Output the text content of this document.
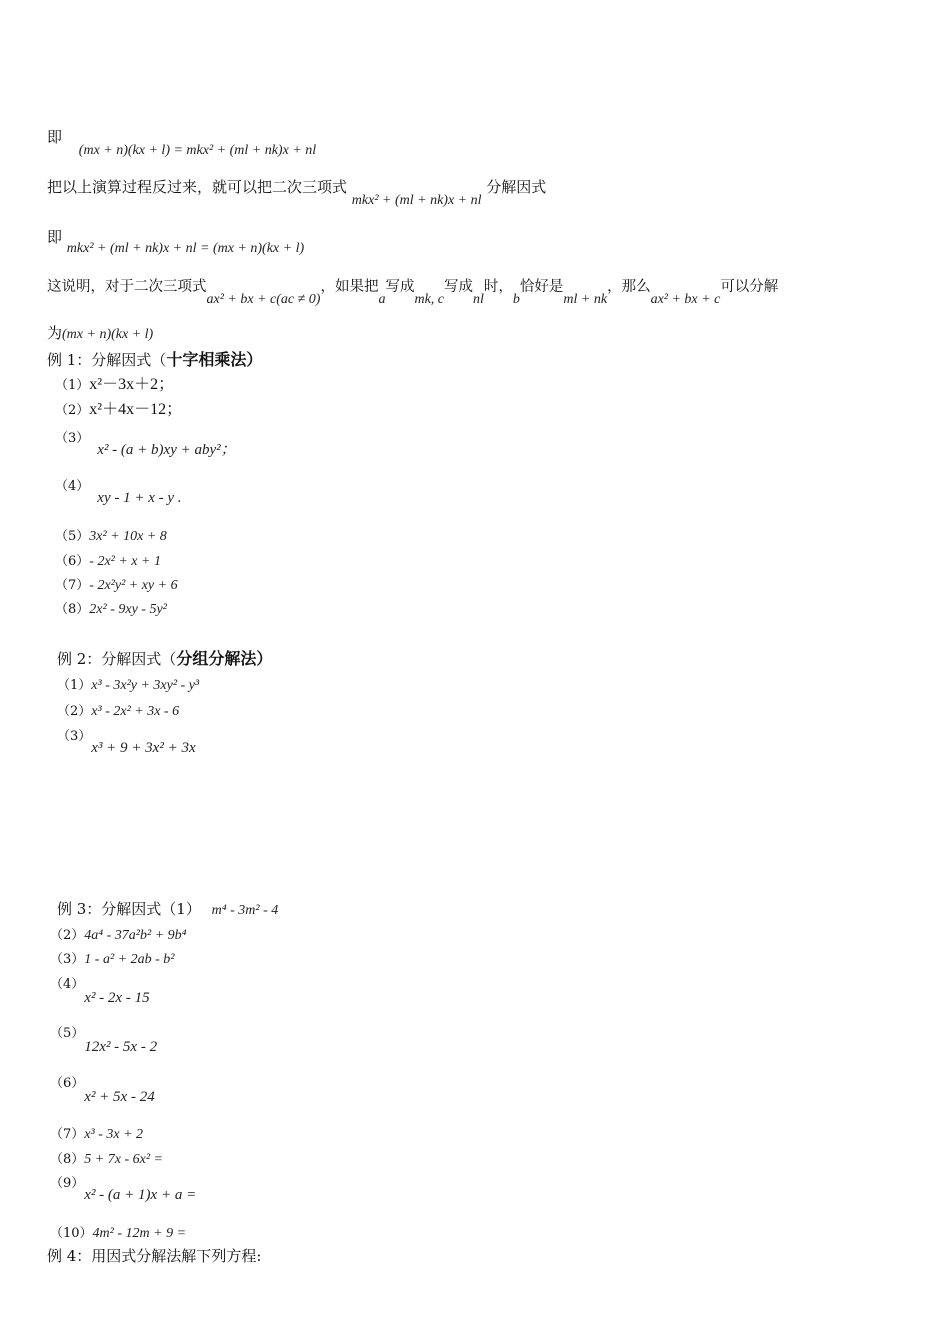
即 (mx + n)(kx + l) = mkx² + (ml + nk)x + nl
把以上演算过程反过来，就可以把二次三项式 mkx² + (ml + nk)x + nl 分解因式
即 mkx² + (ml + nk)x + nl = (mx + n)(kx + l)
这说明，对于二次三项式ax² + bx + c(ac ≠ 0)，如果把a写成mk, c写成nl时，b恰好是ml + nk，那么ax² + bx + c可以分解
为(mx + n)(kx + l)
例 1：分解因式（十字相乘法）
（1）x²－3x＋2；
（2）x²＋4x－12；
（3）x² - (a + b)xy + aby²；
（4）xy - 1 + x - y .
（5）3x² + 10x + 8
（6）- 2x² + x + 1
（7）- 2x²y² + xy + 6
（8）2x² - 9xy - 5y²
例 2：分解因式（分组分解法）
（1）x³ - 3x²y + 3xy² - y³
（2）x³ - 2x² + 3x - 6
（3）x³ + 9 + 3x² + 3x
例 3：分解因式（1） m⁴ - 3m² - 4
（2）4a⁴ - 37a²b² + 9b⁴
（3）1 - a² + 2ab - b²
（4）x² - 2x - 15
（5）12x² - 5x - 2
（6）x² + 5x - 24
（7）x³ - 3x + 2
（8）5 + 7x - 6x² =
（9）x² - (a + 1)x + a =
（10）4m² - 12m + 9 =
例 4：用因式分解法解下列方程:
